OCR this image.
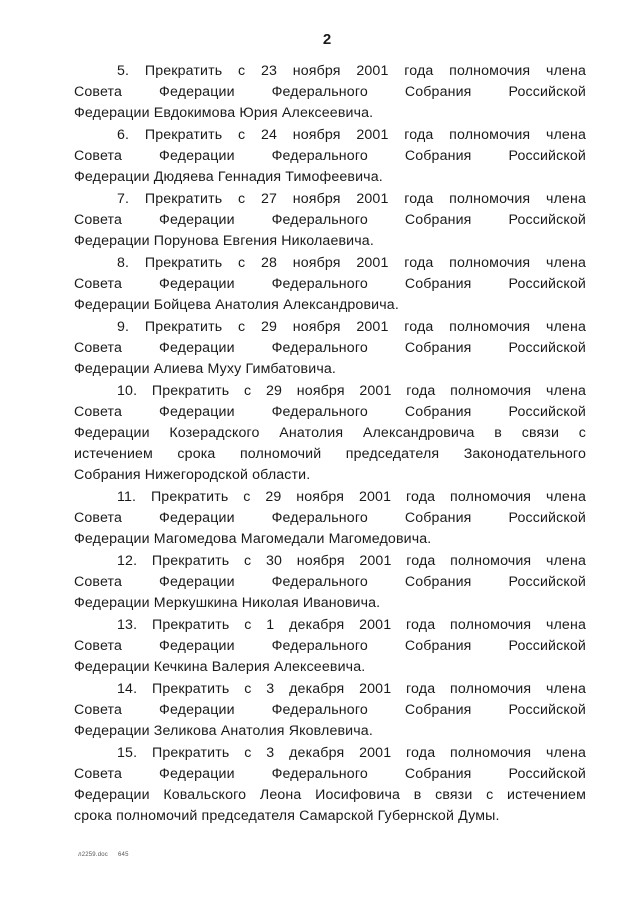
2
5. Прекратить с 23 ноября 2001 года полномочия члена
Совета Федерации Федерального Собрания Российской
Федерации Евдокимова Юрия Алексеевича.
6. Прекратить с 24 ноября 2001 года полномочия члена
Совета Федерации Федерального Собрания Российской
Федерации Дюдяева Геннадия Тимофеевича.
7. Прекратить с 27 ноября 2001 года полномочия члена
Совета Федерации Федерального Собрания Российской
Федерации Порунова Евгения Николаевича.
8. Прекратить с 28 ноября 2001 года полномочия члена
Совета Федерации Федерального Собрания Российской
Федерации Бойцева Анатолия Александровича.
9. Прекратить с 29 ноября 2001 года полномочия члена
Совета Федерации Федерального Собрания Российской
Федерации Алиева Муху Гимбатовича.
10. Прекратить с 29 ноября 2001 года полномочия члена
Совета Федерации Федерального Собрания Российской
Федерации Козерадского Анатолия Александровича в связи с
истечением срока полномочий председателя Законодательного
Собрания Нижегородской области.
11. Прекратить с 29 ноября 2001 года полномочия члена
Совета Федерации Федерального Собрания Российской
Федерации Магомедова Магомедали Магомедовича.
12. Прекратить с 30 ноября 2001 года полномочия члена
Совета Федерации Федерального Собрания Российской
Федерации Меркушкина Николая Ивановича.
13. Прекратить с 1 декабря 2001 года полномочия члена
Совета Федерации Федерального Собрания Российской
Федерации Кечкина Валерия Алексеевича.
14. Прекратить с 3 декабря 2001 года полномочия члена
Совета Федерации Федерального Собрания Российской
Федерации Зеликова Анатолия Яковлевича.
15. Прекратить с 3 декабря 2001 года полномочия члена
Совета Федерации Федерального Собрания Российской
Федерации Ковальского Леона Иосифовича в связи с истечением
срока полномочий председателя Самарской Губернской Думы.
л2259.doc 645
